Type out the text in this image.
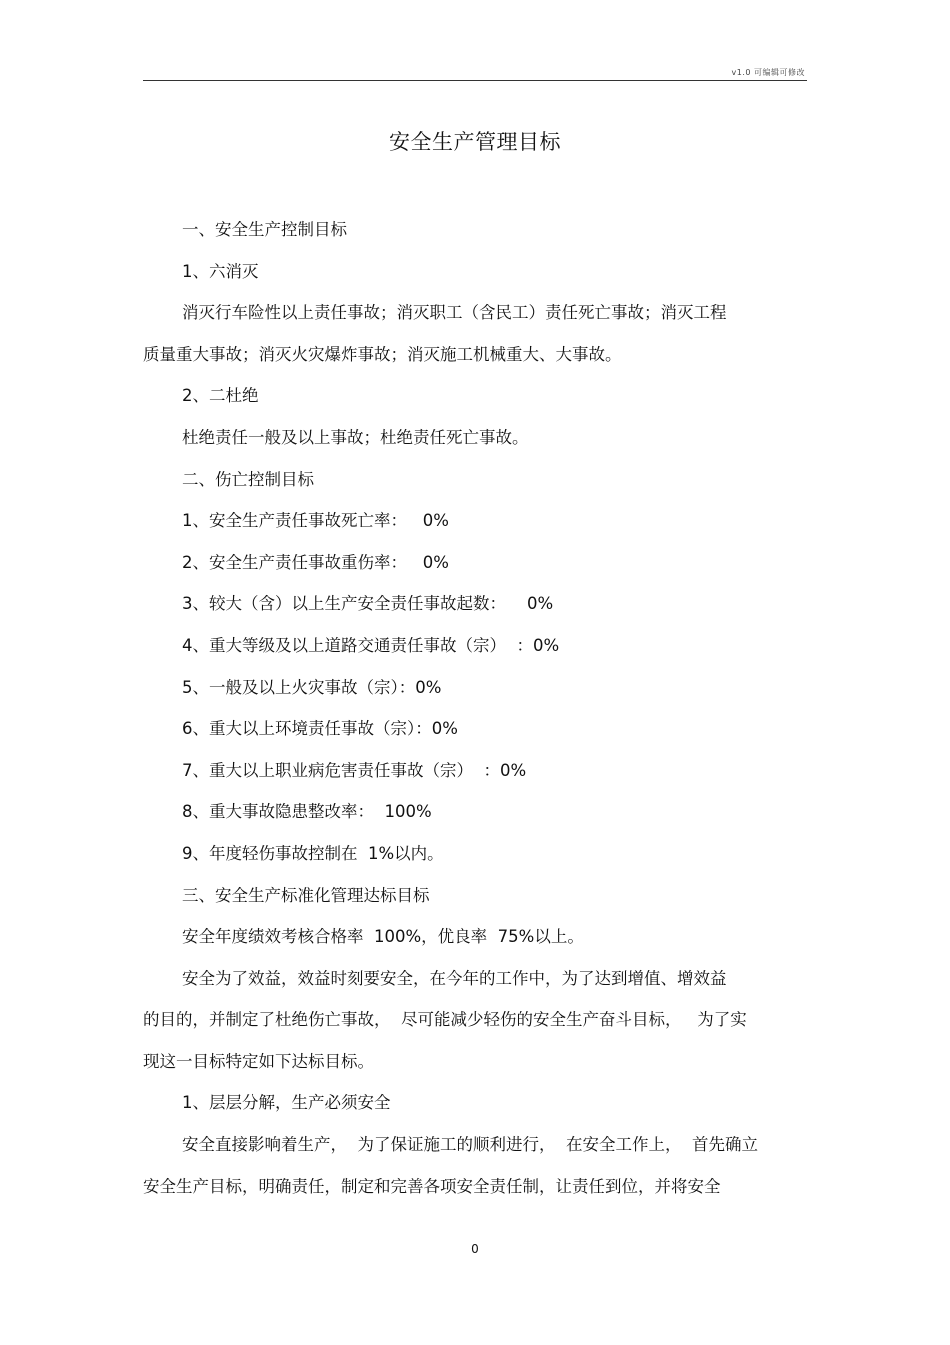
v1.0 可编辑可修改
安全生产管理目标
一、安全生产控制目标
1、六消灭
消灭行车险性以上责任事故；消灭职工（含民工）责任死亡事故；消灭工程
质量重大事故；消灭火灾爆炸事故；消灭施工机械重大、大事故。
2、二杜绝
杜绝责任一般及以上事故；杜绝责任死亡事故。
二、伤亡控制目标
1、安全生产责任事故死亡率：   0%
2、安全生产责任事故重伤率：   0%
3、较大（含）以上生产安全责任事故起数：    0%
4、重大等级及以上道路交通责任事故（宗）  ：0%
5、一般及以上火灾事故（宗）：0%
6、重大以上环境责任事故（宗）：0%
7、重大以上职业病危害责任事故（宗）  ：0%
8、重大事故隐患整改率：  100%
9、年度轻伤事故控制在  1%以内。
三、安全生产标准化管理达标目标
安全年度绩效考核合格率  100%，优良率  75%以上。
安全为了效益，效益时刻要安全，在今年的工作中，为了达到增值、增效益
的目的，并制定了杜绝伤亡事故，  尽可能减少轻伤的安全生产奋斗目标，   为了实
现这一目标特定如下达标目标。
1、层层分解，生产必须安全
安全直接影响着生产，  为了保证施工的顺利进行，  在安全工作上，  首先确立
安全生产目标，明确责任，制定和完善各项安全责任制，让责任到位，并将安全
0
